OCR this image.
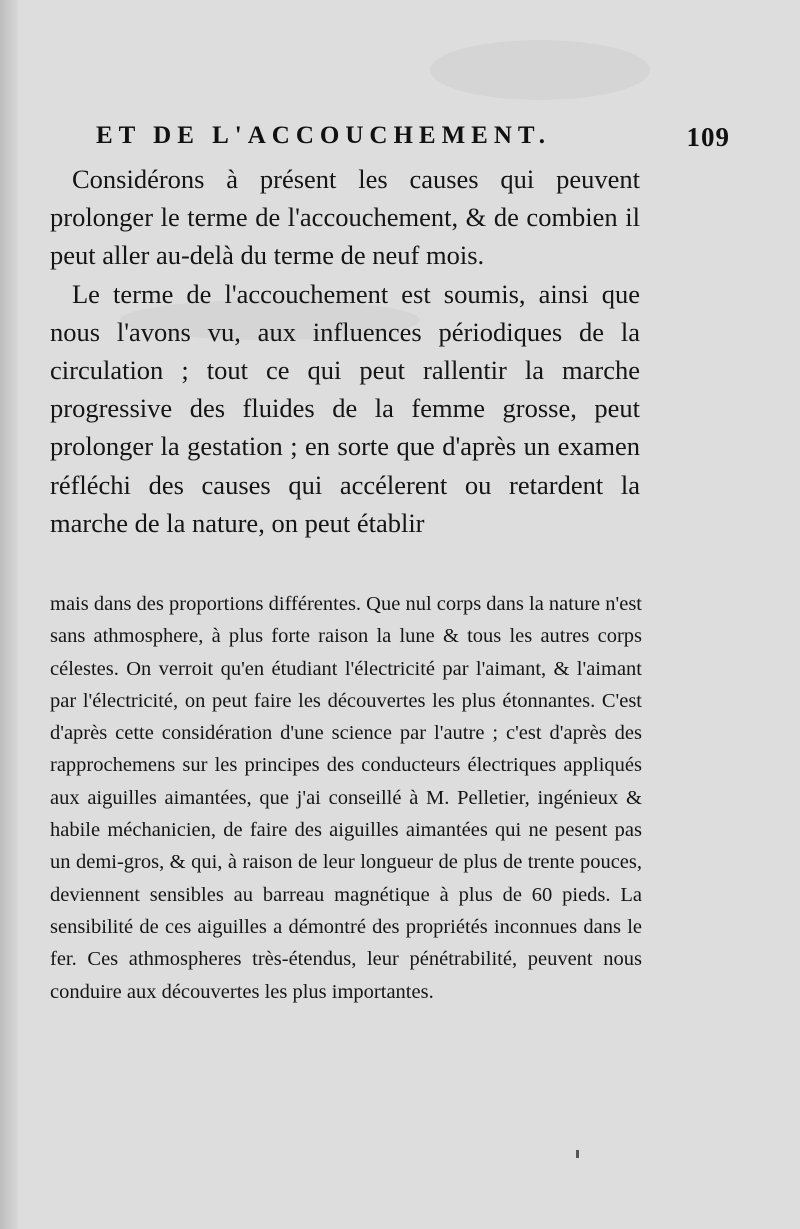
ET DE L'ACCOUCHEMENT.	109

Considérons à présent les causes qui peuvent prolonger le terme de l'accouchement, & de combien il peut aller au-delà du terme de neuf mois.

Le terme de l'accouchement est soumis, ainsi que nous l'avons vu, aux influences périodiques de la circulation ; tout ce qui peut rallentir la marche progressive des fluides de la femme grosse, peut prolonger la gestation ; en sorte que d'après un examen réfléchi des causes qui accélerent ou retardent la marche de la nature, on peut établir

mais dans des proportions différentes. Que nul corps dans la nature n'est sans athmosphere, à plus forte raison la lune & tous les autres corps célestes. On verroit qu'en étudiant l'électricité par l'aimant, & l'aimant par l'électricité, on peut faire les découvertes les plus étonnantes. C'est d'après cette considération d'une science par l'autre ; c'est d'après des rapprochemens sur les principes des conducteurs électriques appliqués aux aiguilles aimantées, que j'ai conseillé à M. Pelletier, ingénieux & habile méchanicien, de faire des aiguilles aimantées qui ne pesent pas un demi-gros, & qui, à raison de leur longueur de plus de trente pouces, deviennent sensibles au barreau magnétique à plus de 60 pieds. La sensibilité de ces aiguilles a démontré des propriétés inconnues dans le fer. Ces athmospheres très-étendus, leur pénétrabilité, peuvent nous conduire aux découvertes les plus importantes.
